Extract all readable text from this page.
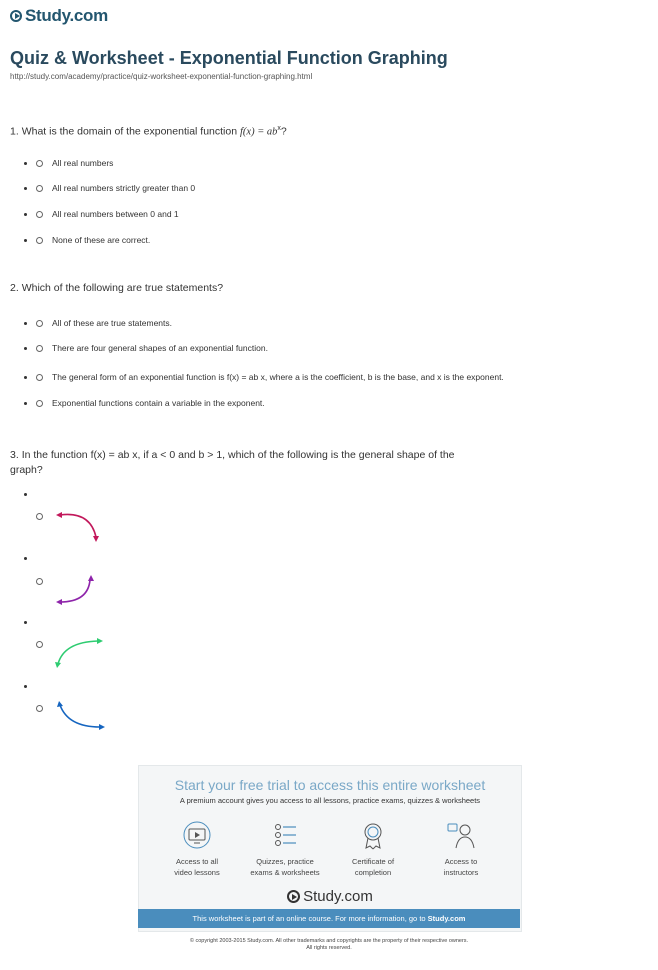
Study.com
Quiz & Worksheet - Exponential Function Graphing
http://study.com/academy/practice/quiz-worksheet-exponential-function-graphing.html
1. What is the domain of the exponential function $f(x) = ab^x$?
All real numbers
All real numbers strictly greater than 0
All real numbers between 0 and 1
None of these are correct.
2. Which of the following are true statements?
All of these are true statements.
There are four general shapes of an exponential function.
The general form of an exponential function is f(x) = ab x, where a is the coefficient, b is the base, and x is the exponent.
Exponential functions contain a variable in the exponent.
3. In the function f(x) = ab x, if a < 0 and b > 1, which of the following is the general shape of the
graph?
Start your free trial to access this entire worksheet
A premium account gives you access to all lessons, practice exams, quizzes & worksheets
Access to all
video lessons
Quizzes, practice
exams & worksheets
Certificate of
completion
Access to
instructors
Study.com
This worksheet is part of an online course. For more information, go to Study.com
© copyright 2003-2015 Study.com. All other trademarks and copyrights are the property of their respective owners.
All rights reserved.
